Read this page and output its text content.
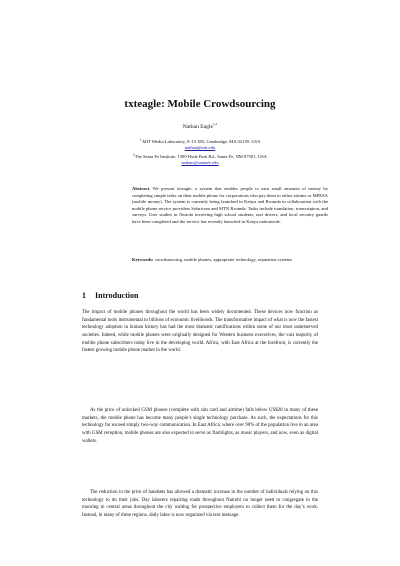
txteagle: Mobile Crowdsourcing
Nathan Eagle$^{1,2}$
$^1$ MIT Media Laboratory, E-15 383, Cambridge, MA 02139, USA
nathan@mit.edu
$^2$The Santa Fe Institute, 1399 Hyde Park Rd., Santa Fe, NM 87501, USA
nathan@santafe.edu
Abstract. We present txteagle, a system that enables people to earn small amounts of money by completing simple tasks on their mobile phone for corporations who pay them in either airtime or MPESA (mobile money). The system is currently being launched in Kenya and Rwanda in collaboration with the mobile phone service providers Safaricom and MTN Rwanda. Tasks include translation, transcription, and surveys. User studies in Nairobi involving high school students, taxi drivers, and local security guards have been completed and the service has recently launched in Kenya nationwide.
Keywords: crowdsourcing, mobile phones, appropriate technology, reputation systems
1 Introduction
The impact of mobile phones throughout the world has been widely documented. These devices now function as fundamental tools instrumental to billions of economic livelihoods. The transformative impact of what is now the fastest technology adoption in human history has had the most dramatic ramifications within some of our most underserved societies. Indeed, while mobile phones were originally designed for Western business executives, the vast majority of mobile phone subscribers today live in the developing world. Africa, with East Africa at the forefront, is currently the fastest growing mobile phone market in the world.
As the price of unlocked GSM phones (complete with sim card and airtime) falls below US$20 in many of these markets, the mobile phone has become many people’s single technology purchase. As such, the expectations for this technology far exceed simply two-way communication. In East Africa, where over 90% of the population live in an area with GSM reception, mobile phones are also expected to serve as flashlights, as music players, and now, even as digital wallets.
The reduction in the price of handsets has allowed a dramatic increase in the number of individuals relying on this technology to do their jobs. Day laborers repairing roads throughout Nairobi no longer need to congregate in the morning in central areas throughout the city waiting for prospective employers to collect them for the day’s work. Instead, in many of these regions, daily labor is now organized via text message.
